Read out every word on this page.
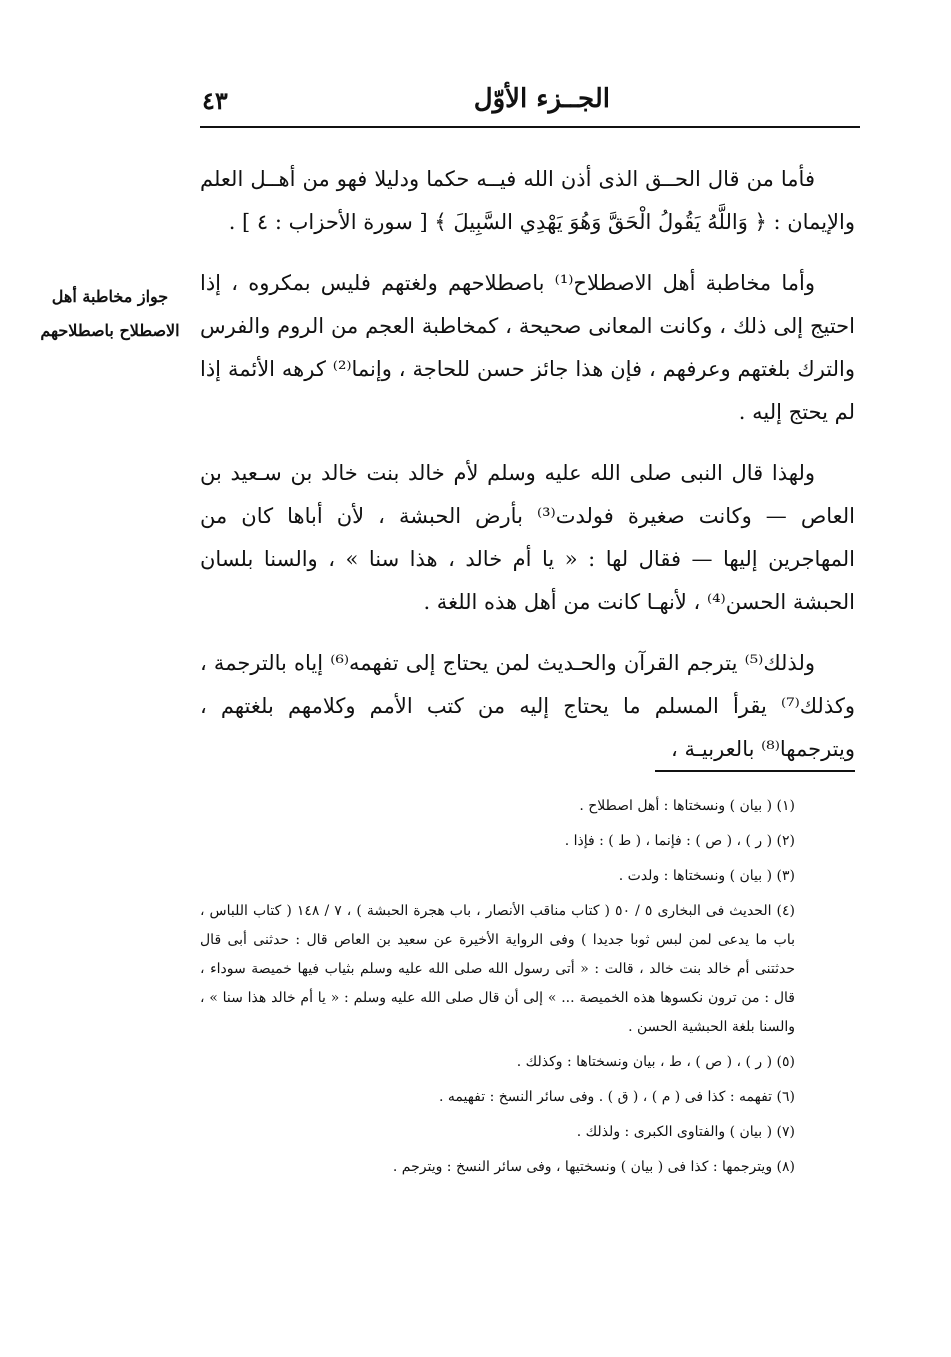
٤٣	الجــزء الأوّل
جواز مخاطبة أهل الاصطلاح باصطلاحهم

فأما من قال الحــق الذى أذن الله فيــه حكما ودليلا فهو من أهــل العلم والإيمان : ﴿ وَاللَّهُ يَقُولُ الْحَقَّ وَهُوَ يَهْدِي السَّبِيلَ ﴾ [ سورة الأحزاب : ٤ ] .

وأما مخاطبة أهل الاصطلاح⁽¹⁾ باصطلاحهم ولغتهم فليس بمكروه ، إذا احتيج إلى ذلك ، وكانت المعانى صحيحة ، كمخاطبة العجم من الروم والفرس والترك بلغتهم وعرفهم ، فإن هذا جائز حسن للحاجة ، وإنما⁽²⁾ كرهه الأئمة إذا لم يحتج إليه .

ولهذا قال النبى صلى الله عليه وسلم لأم خالد بنت خالد بن سـعيد بن العاص — وكانت صغيرة فولدت⁽³⁾ بأرض الحبشة ، لأن أباها كان من المهاجرين إليها — فقال لها : « يا أم خالد ، هذا سنا » ، والسنا بلسان الحبشة الحسن⁽⁴⁾ ، لأنهـا كانت من أهل هذه اللغة .

ولذلك⁽⁵⁾ يترجم القرآن والحـديث لمن يحتاج إلى تفهمه⁽⁶⁾ إياه بالترجمة ، وكذلك⁽⁷⁾ يقرأ المسلم ما يحتاج إليه من كتب الأمم وكلامهم بلغتهم ، ويترجمها⁽⁸⁾ بالعربيـة ،

(١) ( بيان ) ونسختاها : أهل اصطلاح .
(٢) ( ر ) ، ( ص ) : فإنما ، ( ط ) : فإذا .
(٣) ( بيان ) ونسختاها : ولدت .
(٤) الحديث فى البخارى ٥ / ٥٠ ( كتاب مناقب الأنصار ، باب هجرة الحبشة ) ، ٧ / ١٤٨ ( كتاب اللباس ، باب ما يدعى لمن لبس ثوبا جديدا ) وفى الرواية الأخيرة عن سعيد بن العاص قال : حدثنى أبى قال حدثتنى أم خالد بنت خالد ، قالت : « أتى رسول الله صلى الله عليه وسلم بثياب فيها خميصة سوداء ، قال : من ترون نكسوها هذه الخميصة ... » إلى أن قال صلى الله عليه وسلم : « يا أم خالد هذا سنا » ، والسنا بلغة الحبشية الحسن .
(٥) ( ر ) ، ( ص ) ، ط ، بيان ونسختاها : وكذلك .
(٦) تفهمه : كذا فى ( م ) ، ( ق ) . وفى سائر النسخ : تفهيمه .
(٧) ( بيان ) والفتاوى الكبرى : ولذلك .
(٨) ويترجمها : كذا فى ( بيان ) ونسختيها ، وفى سائر النسخ : ويترجم .
